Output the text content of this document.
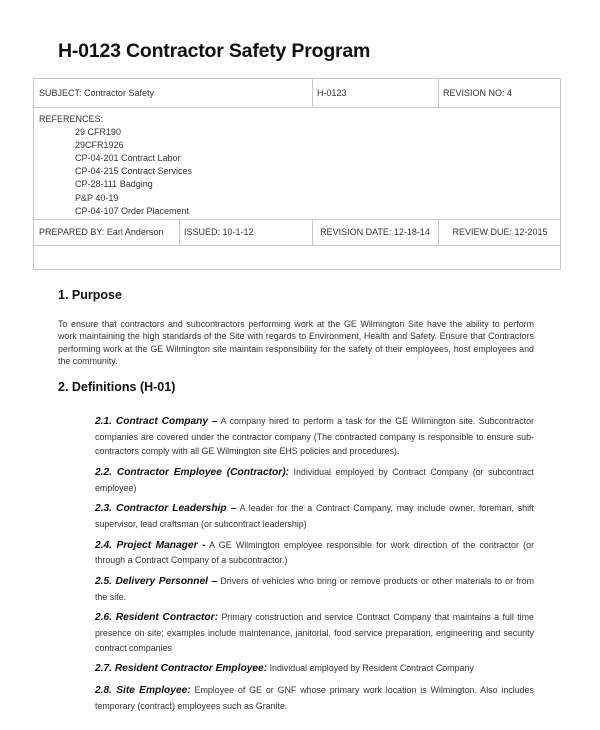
H-0123 Contractor Safety Program
SUBJECT: Contractor Safety	H-0123	REVISION NO: 4
REFERENCES:
29 CFR190
29CFR1926
CP-04-201 Contract Labor
CP-04-215 Contract Services
CP-28-111 Badging
P&P 40-19
CP-04-107 Order Placement
PREPARED BY: Earl Anderson	ISSUED: 10-1-12	REVISION DATE: 12-18-14	REVIEW DUE: 12-2015
1. Purpose
To ensure that contractors and subcontractors performing work at the GE Wilmington Site have the ability to perform work maintaining the high standards of the Site with regards to Environment, Health and Safety. Ensure that Contractors performing work at the GE Wilmington site maintain responsibility for the safety of their employees, host employees and the community.
2. Definitions (H-01)
2.1. Contract Company – A company hired to perform a task for the GE Wilmington site. Subcontractor companies are covered under the contractor company (The contracted company is responsible to ensure sub-contractors comply with all GE Wilmington site EHS policies and procedures).
2.2. Contractor Employee (Contractor): Individual employed by Contract Company (or subcontract employee)
2.3. Contractor Leadership – A leader for the a Contract Company, may include owner, foreman, shift supervisor, lead craftsman (or subcontract leadership)
2.4. Project Manager - A GE Wilmington employee responsible for work direction of the contractor (or through a Contract Company of a subcontractor.)
2.5. Delivery Personnel – Drivers of vehicles who bring or remove products or other materials to or from the site.
2.6. Resident Contractor: Primary construction and service Contract Company that maintains a full time presence on site; examples include maintenance, janitorial, food service preparation, engineering and security contract companies
2.7. Resident Contractor Employee: Individual employed by Resident Contract Company
2.8. Site Employee: Employee of GE or GNF whose primary work location is Wilmington. Also includes temporary (contract) employees such as Granite.
